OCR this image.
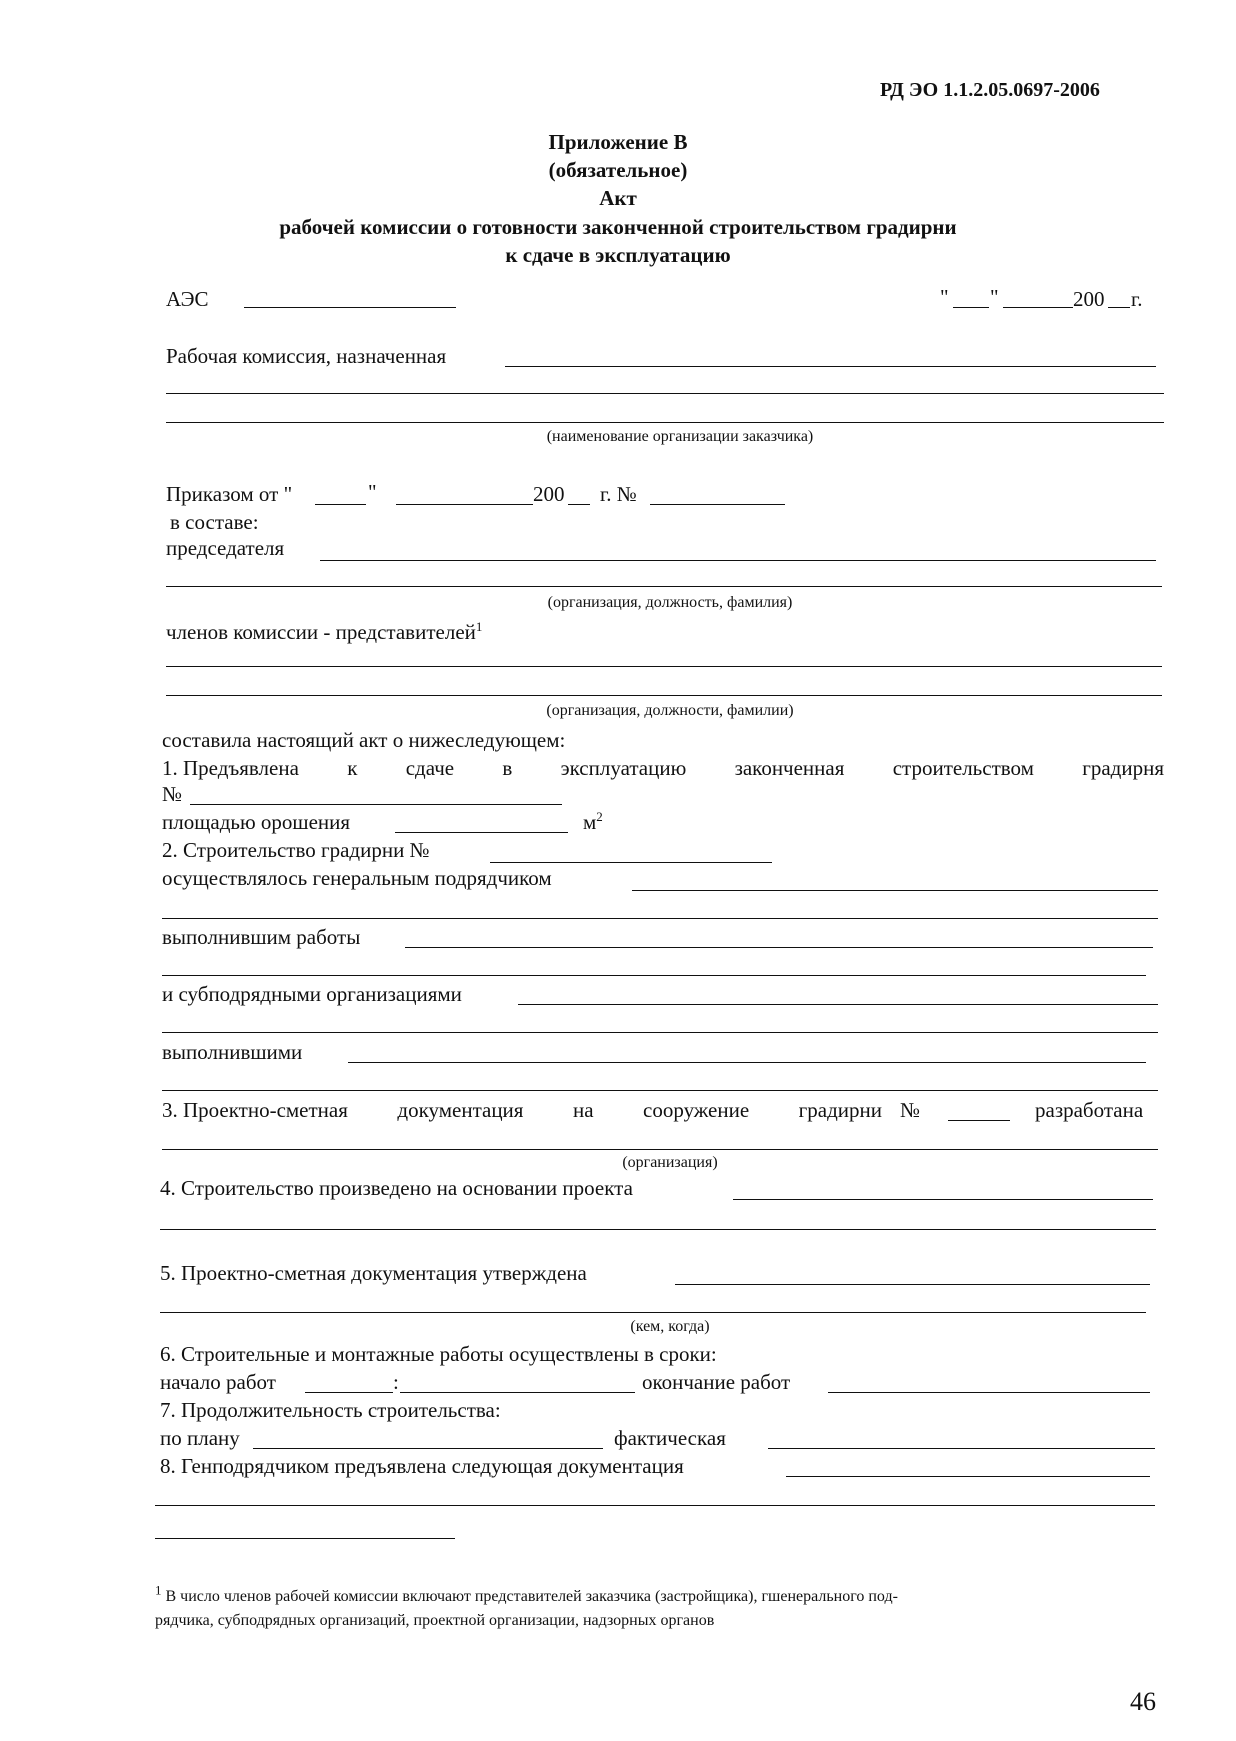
РД ЭО 1.1.2.05.0697-2006
Приложение В
(обязательное)
Акт
рабочей комиссии о готовности законченной строительством градирни
к сдаче в эксплуатацию
АЭС	" "	200 г.
Рабочая комиссия, назначенная
(наименование организации заказчика)
Приказом от "	"	200 г. №
в составе:
председателя
(организация, должность, фамилия)
членов комиссии - представителей$^1$
(организация, должности, фамилии)
составила настоящий акт о нижеследующем:
1. Предъявлена к сдаче в эксплуатацию законченная строительством градирня
№
площадью орошения	$м^2$
2. Строительство градирни №
осуществлялось генеральным подрядчиком
выполнившим работы
и субподрядными организациями
выполнившими
3. Проектно-сметная документация на сооружение градирни №	разработана
(организация)
4. Строительство произведено на основании проекта
5. Проектно-сметная документация утверждена
(кем, когда)
6. Строительные и монтажные работы осуществлены в сроки:
начало работ	:	окончание работ
7. Продолжительность строительства:
по плану	фактическая
8. Генподрядчиком предъявлена следующая документация
$^1$ В число членов рабочей комиссии включают представителей заказчика (застройщика), гшенерального под-
рядчика, субподрядных организаций, проектной организации, надзорных органов
46
